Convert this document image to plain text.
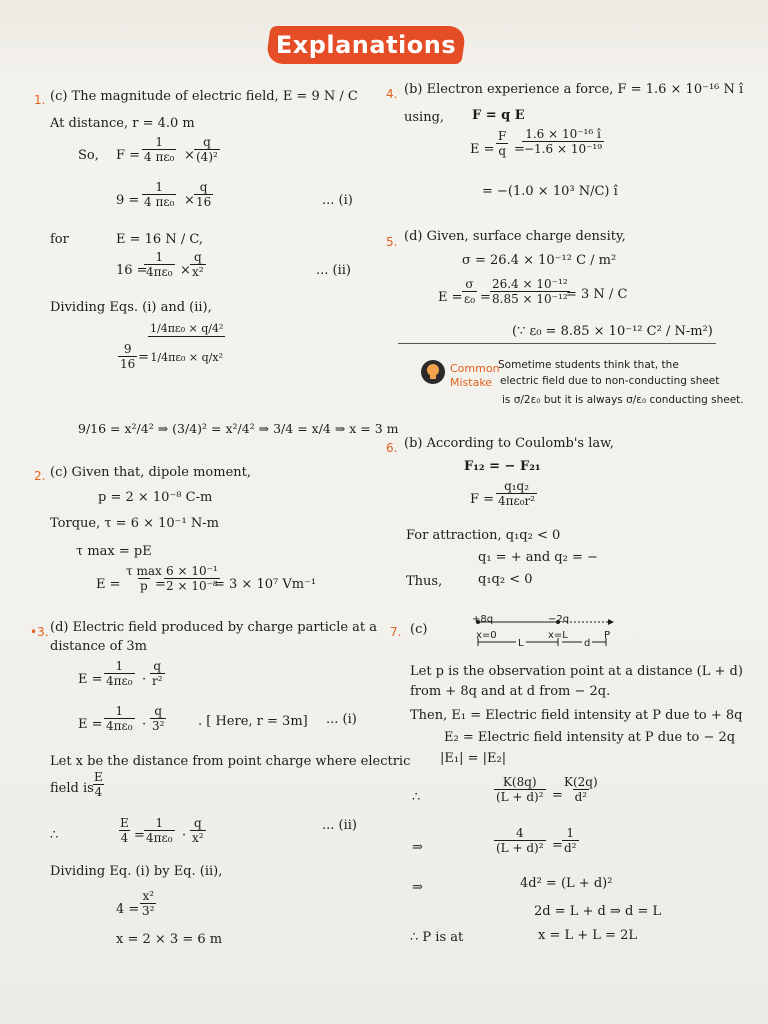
Explanations
1. (c) The magnitude of electric field, E = 9 N / C
At distance, r = 4.0 m
So, $F = \frac{1}{\text{4 πε₀}} \times \frac{q}{\text{(4)²}}$
$9 = \frac{1}{\text{4 πε₀}} \times \frac{q}{16}$	... (i)
for	E = 16 N / C,
16 =
$\frac{1}{\text{4πε₀}} \times \frac{q}{\text{x²}}$	... (ii)
Dividing Eqs. (i) and (ii),
$\frac{9}{16} = \frac{\text{1/4πε₀ × q/4²}}{\text{1/4πε₀ × q/x²}}$
9/16 = x²/4² ⇒ (3/4)² = x²/4² ⇒ 3/4 = x/4 ⇒ x = 3 m
2. (c) Given that, dipole moment,
p = 2 × 10⁻⁸ C-m
Torque, τ = 6 × 10⁻¹ N-m
τ max = pE
E =
τ max
p =
$\frac{\text{6 × 10⁻¹}}{\text{2 × 10⁻⁸}}$
= 3 × 10⁷ Vm⁻¹
•3. (d) Electric field produced by charge particle at a
distance of 3m
$E = \frac{1}{\text{4πε₀}} \cdot \frac{q}{\text{r²}}$
$E = \frac{1}{\text{4πε₀}} \cdot \frac{q}{\text{3²}}$ . [ Here, r = 3m] ... (i)
Let x be the distance from point charge where electric
field is
$\frac{E}{4}$
∴	$\frac{E}{4} = \frac{1}{\text{4πε₀}} \cdot \frac{q}{\text{x²}}$	... (ii)
Dividing Eq. (i) by Eq. (ii),
$4 = \frac{\text{x²}}{\text{3²}}$
x = 2 × 3 = 6 m
4. (b) Electron experience a force, F = 1.6 × 10⁻¹⁶ N î
using, F = q E
$E = \frac{F}{q}$ =
$\frac{\text{1.6 × 10⁻¹⁶ î}}{\text{−1.6 × 10⁻¹⁹}}$
= −(1.0 × 10³ N/C) î
5. (d) Given, surface charge density,
σ = 26.4 × 10⁻¹² C / m²
$E = \frac{\sigma}{\text{ε₀}} = \frac{\text{26.4 × 10⁻¹²}}{\text{8.85 × 10⁻¹²}}$
= 3 N / C
(∵ ε₀ = 8.85 × 10⁻¹² C² / N-m²)
Common
Mistake
Sometime students think that, the
electric field due to non-conducting sheet
is σ/2ε₀ but it is always σ/ε₀ conducting sheet.
6. (b) According to Coulomb's law,
F₁₂ = − F₂₁
$F = \frac{\text{q₁q₂}}{\text{4πε₀r²}}$
For attraction, q₁q₂ < 0
q₁ = + and q₂ = −
Thus,	q₁q₂ < 0
7. (c)
+8q	−2q
x=0	x=L	P
L	d
Let p is the observation point at a distance (L + d)
from + 8q and at d from − 2q.
Then, E₁ = Electric field intensity at P due to + 8q
E₂ = Electric field intensity at P due to − 2q
|E₁| = |E₂|
∴	$\frac{K(8q)}{\text{(L + d)²}} = \frac{K(2q)}{\text{d²}}$
⇒	$\frac{4}{\text{(L + d)²}} = \frac{1}{\text{d²}}$
⇒	4d² = (L + d)²
2d = L + d ⇒ d = L
∴ P is at	x = L + L = 2L
